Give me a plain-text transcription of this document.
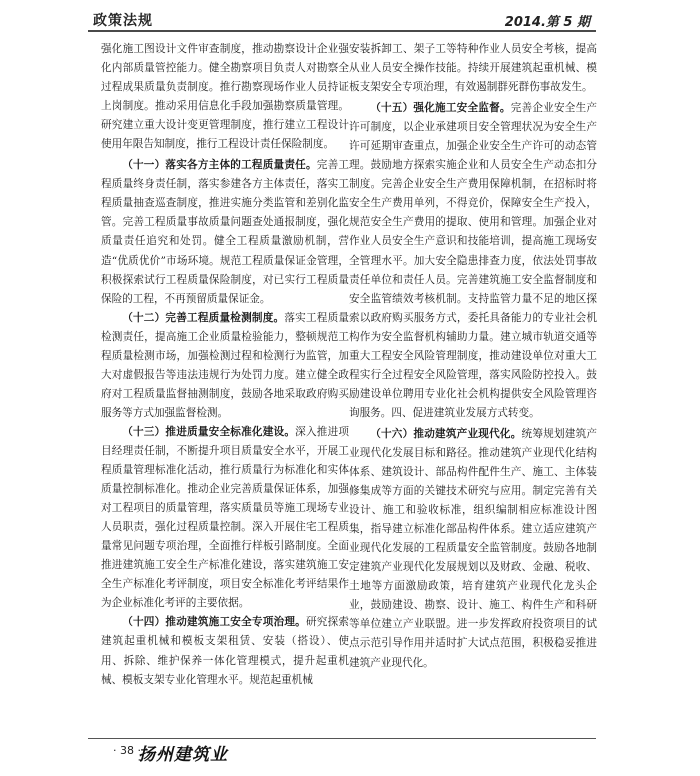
政策法规	2014.第 5 期

强化施工图设计文件审查制度，推动勘察设计企业强化内部质量管控能力。健全勘察项目负责人对勘察全过程成果质量负责制度。推行勘察现场作业人员持证上岗制度。推动采用信息化手段加强勘察质量管理。研究建立重大设计变更管理制度，推行建立工程设计使用年限告知制度，推行工程设计责任保险制度。

（十一）落实各方主体的工程质量责任。完善工程质量终身责任制，落实参建各方主体责任，落实工程质量抽查巡查制度，推进实施分类监管和差别化监管。完善工程质量事故质量问题查处通报制度，强化质量责任追究和处罚。健全工程质量激励机制，营造“优质优价”市场环境。规范工程质量保证金管理，积极探索试行工程质量保险制度，对已实行工程质量保险的工程，不再预留质量保证金。

（十二）完善工程质量检测制度。落实工程质量检测责任，提高施工企业质量检验能力，整顿规范工程质量检测市场，加强检测过程和检测行为监管，加大对虚假报告等违法违规行为处罚力度。建立健全政府对工程质量监督抽测制度，鼓励各地采取政府购买服务等方式加强监督检测。

（十三）推进质量安全标准化建设。深入推进项目经理责任制，不断提升项目质量安全水平，开展工程质量管理标准化活动，推行质量行为标准化和实体质量控制标准化。推动企业完善质量保证体系，加强对工程项目的质量管理，落实质量员等施工现场专业人员职责，强化过程质量控制。深入开展住宅工程质量常见问题专项治理，全面推行样板引路制度。全面推进建筑施工安全生产标准化建设，落实建筑施工安全生产标准化考评制度，项目安全标准化考评结果作为企业标准化考评的主要依据。

（十四）推动建筑施工安全专项治理。研究探索建筑起重机械和模板支架租赁、安装（搭设）、使用、拆除、维护保养一体化管理模式，提升起重机械、模板支架专业化管理水平。规范起重机械

安装拆卸工、架子工等特种作业人员安全考核，提高从业人员安全操作技能。持续开展建筑起重机械、模板支架安全专项治理，有效遏制群死群伤事故发生。

（十五）强化施工安全监督。完善企业安全生产许可制度，以企业承建项目安全管理状况为安全生产许可延期审查重点，加强企业安全生产许可的动态管理。鼓励地方探索实施企业和人员安全生产动态扣分制度。完善企业安全生产费用保障机制，在招标时将安全生产费用单列，不得竞价，保障安全生产投入，规范安全生产费用的提取、使用和管理。加强企业对作业人员安全生产意识和技能培训，提高施工现场安全管理水平。加大安全隐患排查力度，依法处罚事故责任单位和责任人员。完善建筑施工安全监督制度和安全监管绩效考核机制。支持监管力量不足的地区探索以政府购买服务方式，委托具备能力的专业社会机构作为安全监督机构辅助力量。建立城市轨道交通等重大工程安全风险管理制度，推动建设单位对重大工程实行全过程安全风险管理，落实风险防控投入。鼓励建设单位聘用专业化社会机构提供安全风险管理咨询服务。四、促进建筑业发展方式转变。

（十六）推动建筑产业现代化。统筹规划建筑产业现代化发展目标和路径。推动建筑产业现代化结构体系、建筑设计、部品构件配件生产、施工、主体装修集成等方面的关键技术研究与应用。制定完善有关设计、施工和验收标准，组织编制相应标准设计图集，指导建立标准化部品构件体系。建立适应建筑产业现代化发展的工程质量安全监管制度。鼓励各地制定建筑产业现代化发展规划以及财政、金融、税收、土地等方面激励政策，培育建筑产业现代化龙头企业，鼓励建设、勘察、设计、施工、构件生产和科研等单位建立产业联盟。进一步发挥政府投资项目的试点示范引导作用并适时扩大试点范围，积极稳妥推进建筑产业现代化。

· 38 ·
扬州建筑业
